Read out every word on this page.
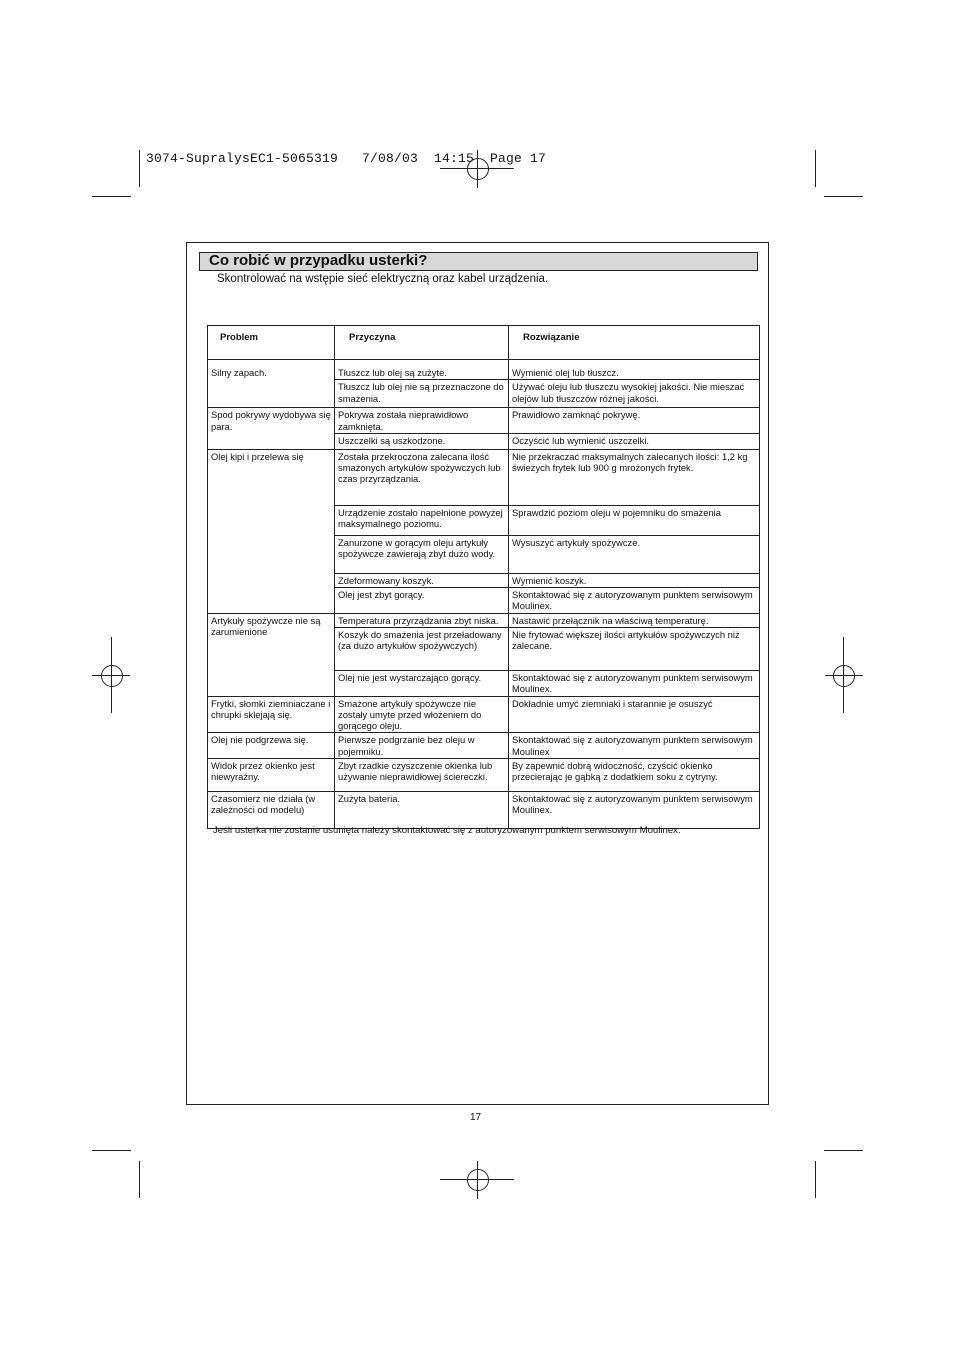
3074-SupralysEC1-5065319   7/08/03  14:15  Page 17
Co robić w przypadku usterki?
Skontrolować na wstępie sieć elektryczną oraz kabel urządzenia.
Problem	Przyczyna	Rozwiązanie
Silny zapach.	Tłuszcz lub olej są zużyte.	Wymienić olej lub tłuszcz.
	Tłuszcz lub olej nie są przeznaczone do smażenia.	Używać oleju lub tłuszczu wysokiej jakości. Nie mieszać olejów lub tłuszczów różnej jakości.
Spod pokrywy wydobywa się para.	Pokrywa została nieprawidłowo zamknięta.	Prawidłowo zamknąć pokrywę.
	Uszczelki są uszkodzone.	Oczyścić lub wymienić uszczelki.
Olej kipi i przelewa się	Została przekroczona zalecana ilość smażonych artykułów spożywczych lub czas przyrządzania.	Nie przekraczać maksymalnych zalecanych ilości: 1,2 kg świeżych frytek lub 900 g mrożonych frytek.
	Urządzenie zostało napełnione powyżej maksymalnego poziomu.	Sprawdzić poziom oleju w pojemniku do smażenia
	Zanurzone w gorącym oleju artykuły spożywcze zawierają zbyt dużo wody.	Wysuszyć artykuły spożywcze.
	Zdeformowany koszyk.	Wymienić koszyk.
	Olej jest zbyt gorący.	Skontaktować się z autoryzowanym punktem serwisowym Moulinex.
Artykuły spożywcze nie są zarumienione	Temperatura przyrządzania zbyt niska.	Nastawić przełącznik na właściwą temperaturę.
	Koszyk do smażenia jest przeładowany (za dużo artykułów spożywczych)	Nie frytować większej ilości artykułów spożywczych niż zalecane.
	Olej nie jest wystarczająco gorący.	Skontaktować się z autoryzowanym punktem serwisowym Moulinex.
Frytki, słomki ziemniaczane i chrupki sklejają się.	Smażone artykuły spożywcze nie zostały umyte przed włożeniem do gorącego oleju.	Dokładnie umyć ziemniaki i starannie je osuszyć
Olej nie podgrzewa się.	Pierwsze podgrzanie bez oleju w pojemniku.	Skontaktować się z autoryzowanym punktem serwisowym Moulinex
Widok przez okienko jest niewyraźny.	Zbyt rzadkie czyszczenie okienka lub używanie nieprawidłowej ściereczki.	By zapewnić dobrą widoczność, czyścić okienko przecierając je gąbką z dodatkiem soku z cytryny.
Czasomierz nie działa (w zależności od modelu)	Zużyta bateria.	Skontaktować się z autoryzowanym punktem serwisowym Moulinex.
Jeśli usterka nie zostanie usunięta należy skontaktować się z autoryzowanym punktem serwisowym Moulinex.
17
